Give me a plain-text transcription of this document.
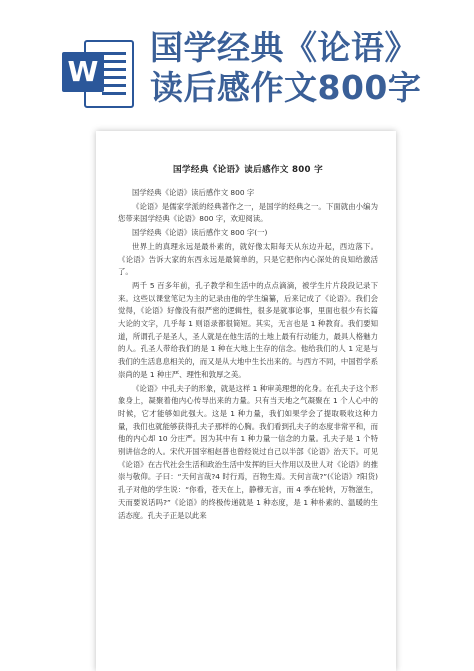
W
国学经典《论语》
读后感作文800字
国学经典《论语》读后感作文 800 字

国学经典《论语》读后感作文 800 字

《论语》是儒家学派的经典著作之一，是国学的经典之一。下面就由小编为您带来国学经典《论语》800 字，欢迎阅读。

国学经典《论语》读后感作文 800 字(一)

世界上的真理永远是最朴素的，就好像太阳每天从东边升起，西边落下。《论语》告诉大家的东西永远是最简单的，只是它把你内心深处的良知给激活了。

两千 5 百多年前，孔子教学和生活中的点点滴滴，被学生片片段段记录下来。这些以课堂笔记为主的记录由他的学生编纂，后来记成了《论语》。我们会觉得，《论语》好像没有很严密的逻辑性，很多是就事论事，里面也很少有长篇大论的文字，几乎每 1 则语录都很简短。其实，无言也是 1 种教育。我们要知道，所谓孔子是圣人，圣人就是在他生活的土地上最有行动能力，最具人格魅力的人。孔圣人带给我们的是 1 种在大地上生存的信念。他给我们的人 1 定是与我们的生活息息相关的，而又是从大地中生长出来的。与西方不同，中国哲学系崇尚的是 1 种庄严、理性和敦厚之美。

《论语》中孔夫子的形象，就是这样 1 种审美理想的化身。在孔夫子这个形象身上，凝聚着他内心传导出来的力量。只有当天地之气凝聚在 1 个人心中的时候，它才能够如此强大。这是 1 种力量，我们如果学会了提取吸收这种力量，我们也就能够获得孔夫子那样的心胸。我们看到孔夫子的态度非常平和，而他的内心却 10 分庄严。因为其中有 1 种力量一信念的力量。孔夫子是 1 个特别讲信念的人。宋代开国宰相赵普也曾经说过自己以半部《论语》治天下。可见《论语》在古代社会生活和政治生活中发挥的巨大作用以及世人对《论语》的推崇与敬仰。子曰：“天何言哉?4 时行焉，百物生焉。天何言哉?”(《论语》?阳货)孔子对他的学生说：“你看，苍天在上，静穆无言，而 4 季在轮转，万物滋生，天而要说话吗?”《论语》的终极传递就是 1 种态度，是 1 种朴素的、温暖的生活态度。孔夫子正是以此来
